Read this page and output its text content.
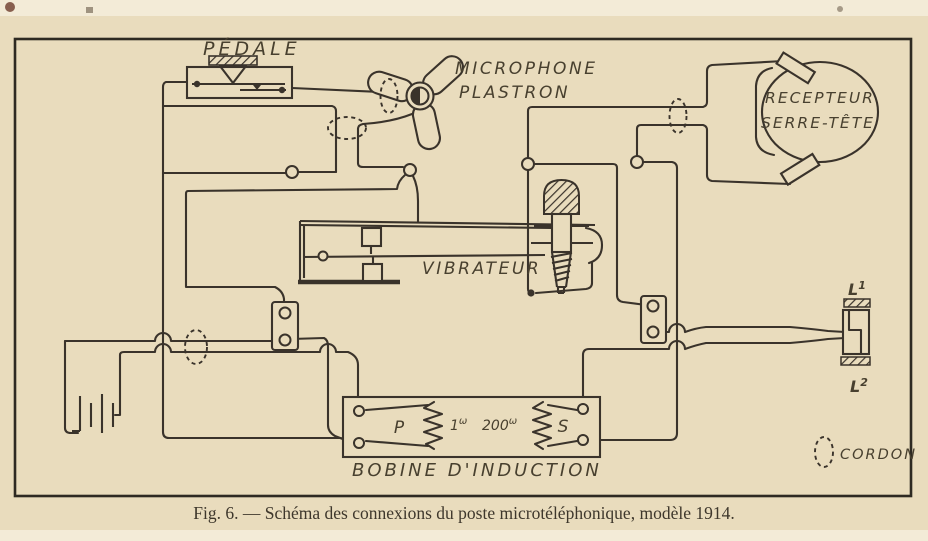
PÉDALE
MICROPHONE
PLASTRON	RECEPTEUR
SERRE-TÊTE
VIBRATEUR
P	$1^\omega$ $200^\omega$ S
BOBINE D'INDUCTION
$L^1$
$L^2$
CORDON
Fig. 6. — Schéma des connexions du poste microtéléphonique, modèle 1914.
